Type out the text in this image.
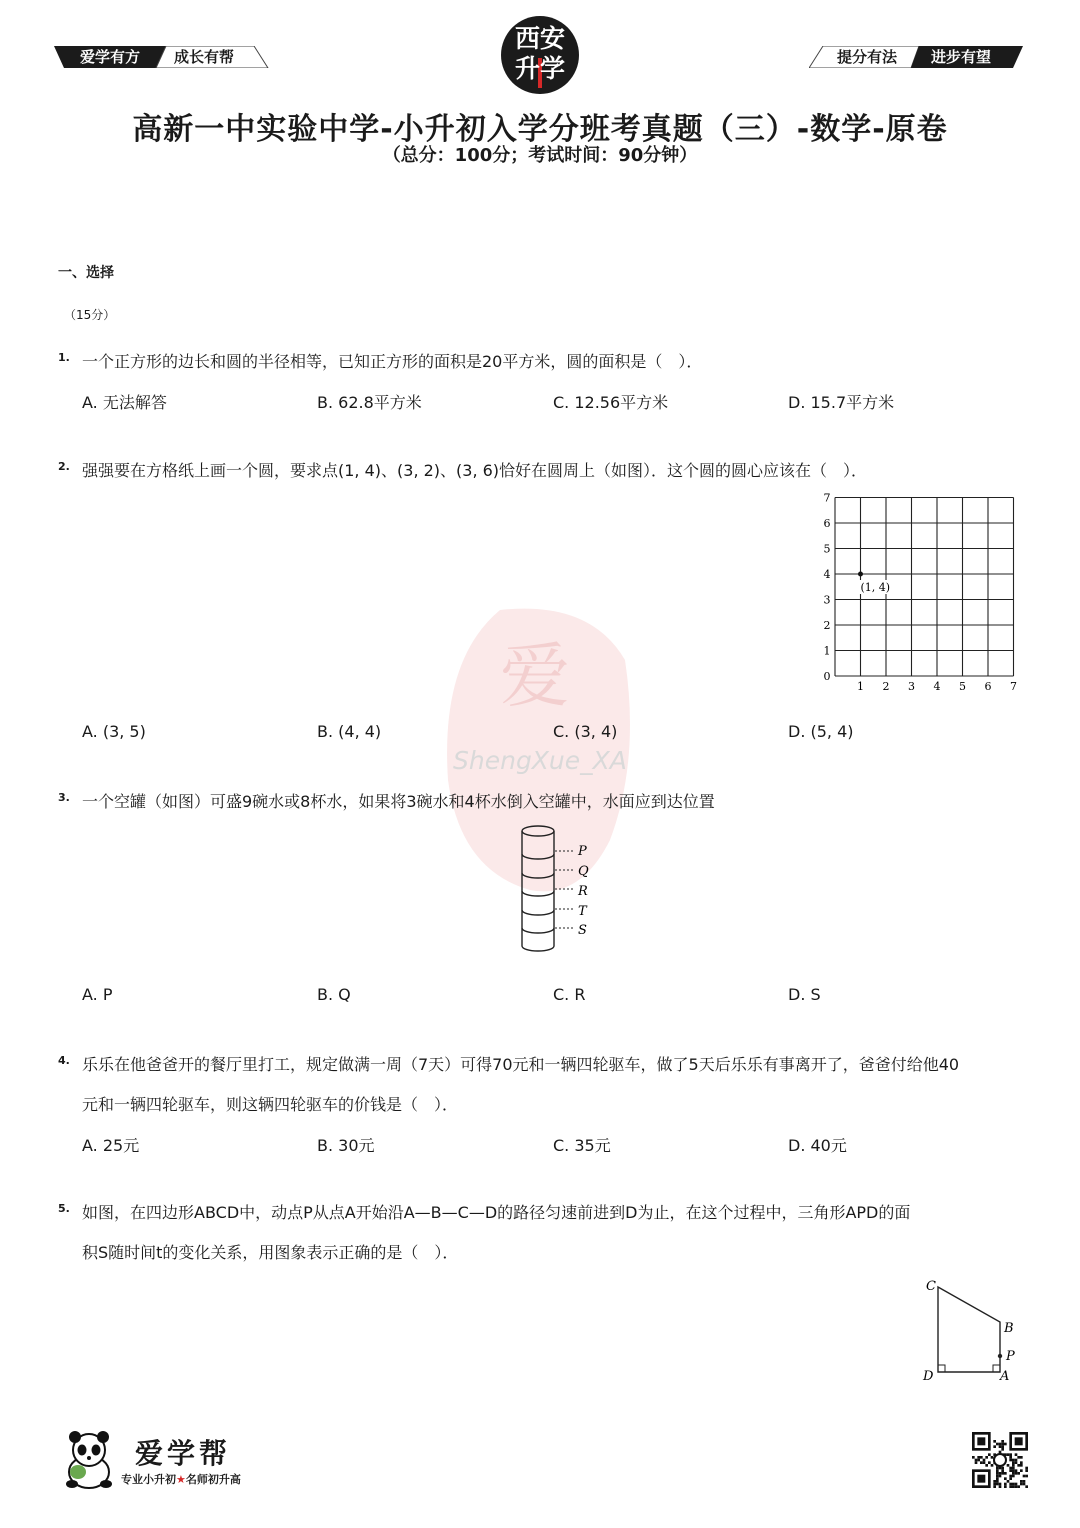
爱学有方 成长有帮
西安
升学	提分有法 进步有望
高新一中实验中学-小升初入学分班考真题（三）-数学-原卷
（总分：100分；考试时间：90分钟）
爱
ShengXue_XA
一、选择
（15分）
1. 一个正方形的边长和圆的半径相等，已知正方形的面积是20平方米，圆的面积是（　）．
A. 无法解答	B. 62.8平方米	C. 12.56平方米	D. 15.7平方米
2. 强强要在方格纸上画一个圆，要求点(1, 4)、(3, 2)、(3, 6)恰好在圆周上（如图）．这个圆的圆心应该在（　）．
1 2 3 4 5 6 7
1
2
3
4
5
6
7
0
(1, 4)
A. (3, 5)	B. (4, 4)	C. (3, 4)	D. (5, 4)
3. 一个空罐（如图）可盛9碗水或8杯水，如果将3碗水和4杯水倒入空罐中，水面应到达位置
P
Q
R
T
S
A. P	B. Q	C. R	D. S
4. 乐乐在他爸爸开的餐厅里打工，规定做满一周（7天）可得70元和一辆四轮驱车，做了5天后乐乐有事离开了，爸爸付给他40
元和一辆四轮驱车，则这辆四轮驱车的价钱是（　）．
A. 25元	B. 30元	C. 35元	D. 40元
5. 如图，在四边形ABCD中，动点P从点A开始沿A—B—C—D的路径匀速前进到D为止，在这个过程中，三角形APD的面
积S随时间t的变化关系，用图象表示正确的是（　）．
C
B
P
D	A
爱学帮
专业小升初★名师初升高
